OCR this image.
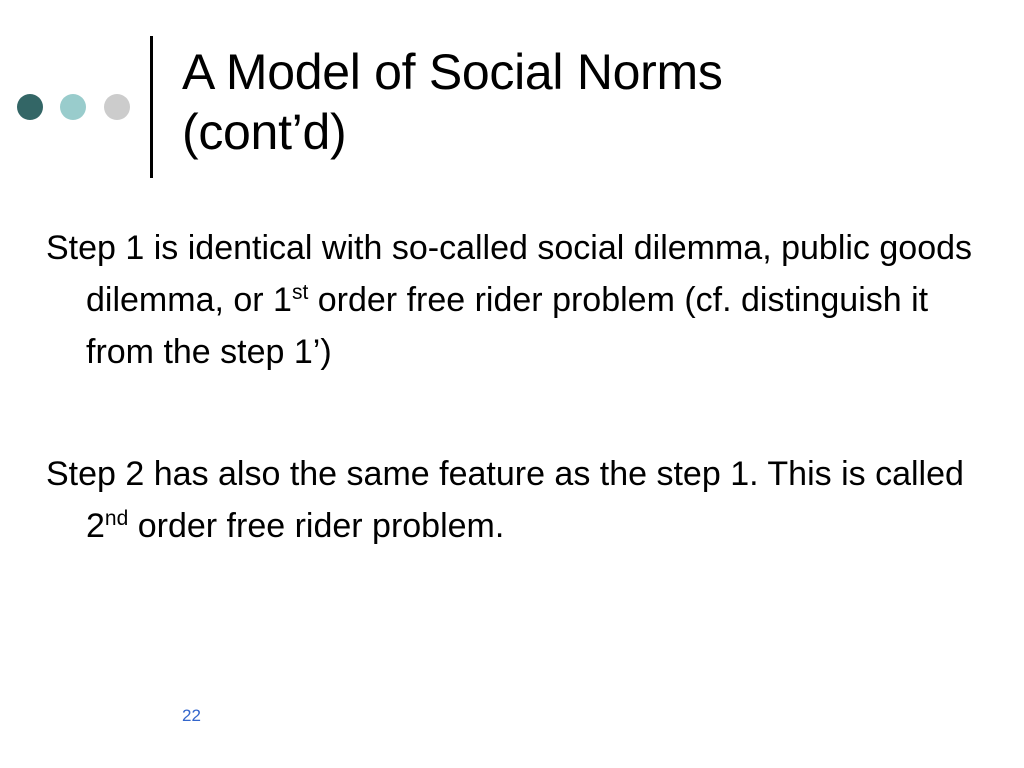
A Model of Social Norms
(cont’d)

Step 1 is identical with so-called social dilemma, public goods dilemma, or 1st order free rider problem (cf. distinguish it from the step 1’)

Step 2 has also the same feature as the step 1. This is called 2nd order free rider problem.

22
